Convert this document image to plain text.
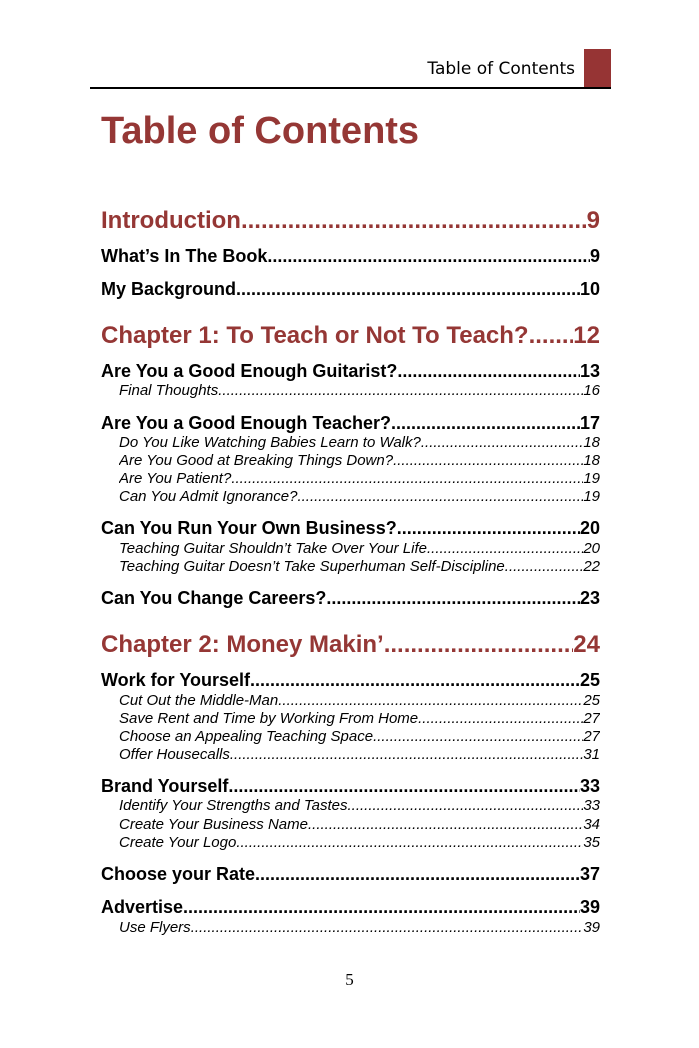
Table of Contents
Table of Contents
Introduction .....	9
What’s In The Book .....	9
My Background .....	10
Chapter 1: To Teach or Not To Teach? ..... 12
Are You a Good Enough Guitarist? .....	13
Final Thoughts .....	16
Are You a Good Enough Teacher? .....	17
Do You Like Watching Babies Learn to Walk? .....	18
Are You Good at Breaking Things Down? .....	18
Are You Patient? .....	19
Can You Admit Ignorance? .....	19
Can You Run Your Own Business? .....	20
Teaching Guitar Shouldn’t Take Over Your Life. .....	20
Teaching Guitar Doesn’t Take Superhuman Self-Discipline. .....	22
Can You Change Careers? .....	23
Chapter 2: Money Makin’ .....	24
Work for Yourself .....	25
Cut Out the Middle-Man .....	25
Save Rent and Time by Working From Home .....	27
Choose an Appealing Teaching Space .....	27
Offer Housecalls .....	31
Brand Yourself .....	33
Identify Your Strengths and Tastes .....	33
Create Your Business Name .....	34
Create Your Logo .....	35
Choose your Rate .....	37
Advertise .....	39
Use Flyers .....	39
5
